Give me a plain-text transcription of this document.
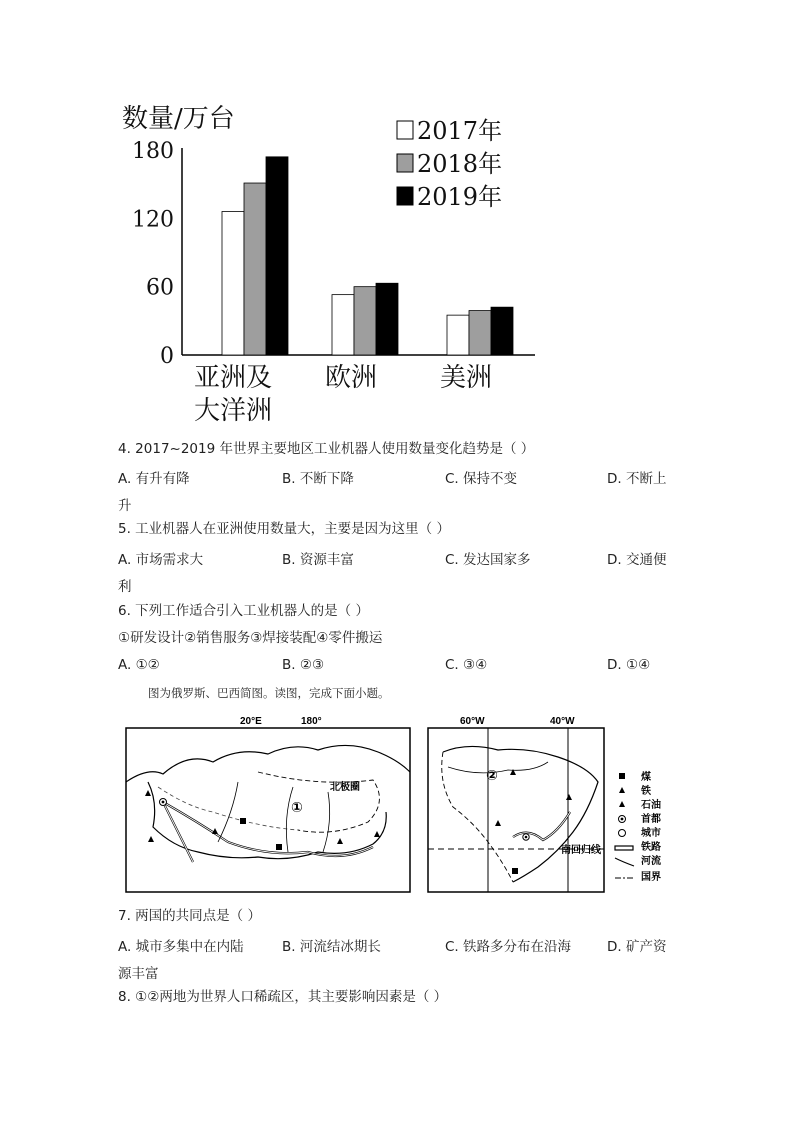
数量/万台
0
60
120
180
亚洲及
大洋洲
欧洲 美洲
2017年
2018年
2019年
4. 2017~2019 年世界主要地区工业机器人使用数量变化趋势是（ ）
A. 有升有降	B. 不断下降	C. 保持不变	D. 不断上
升
5. 工业机器人在亚洲使用数量大，主要是因为这里（ ）
A. 市场需求大	B. 资源丰富	C. 发达国家多	D. 交通便
利
6. 下列工作适合引入工业机器人的是（ ）
①研发设计②销售服务③焊接装配④零件搬运
A. ①②	B. ②③	C. ③④	D. ①④
图为俄罗斯、巴西简图。读图，完成下面小题。
20°E	180°
①
北极圈
60°W	40°W
②
南回归线
煤
铁
石油
首都
城市
铁路
河流
国界
7. 两国的共同点是（ ）
A. 城市多集中在内陆	B. 河流结冰期长	C. 铁路多分布在沿海	D. 矿产资
源丰富
8. ①②两地为世界人口稀疏区，其主要影响因素是（ ）
